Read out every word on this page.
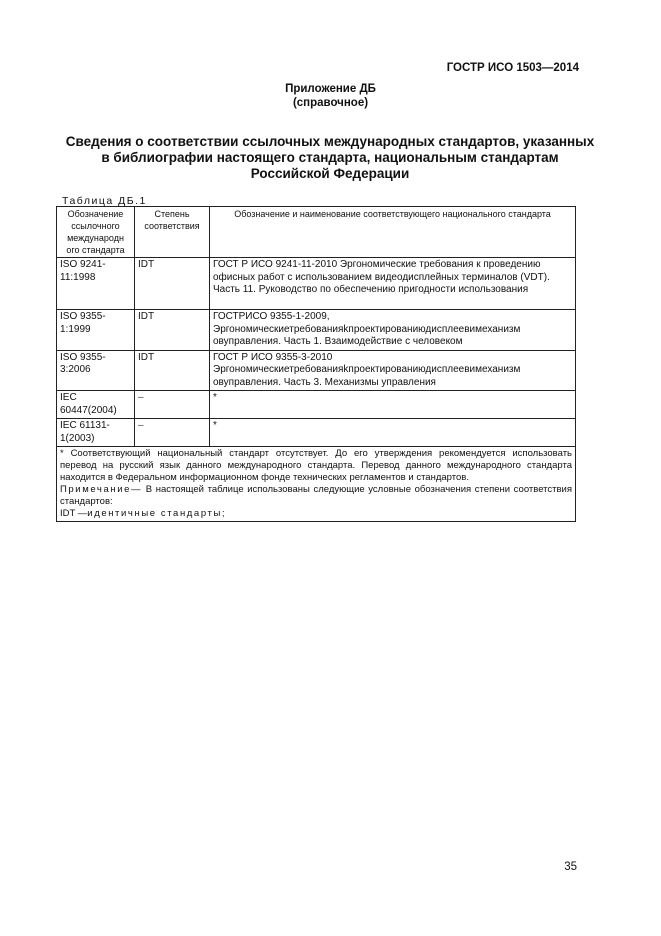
ГОСТР ИСО 1503—2014
Приложение ДБ
(справочное)
Сведения о соответствии ссылочных международных стандартов, указанных
в библиографии настоящего стандарта, национальным стандартам
Российской Федерации
Таблица ДБ.1
Обозначение ссылочного международн ого стандарта	Степень соответствия	Обозначение и наименование соответствующего национального стандарта
ISO 9241-11:1998	IDT	ГОСТ Р ИСО 9241-11-2010 Эргономические требования к проведению офисных работ с использованием видеодисплейных терминалов (VDT). Часть 11. Руководство по обеспечению пригодности использования
ISO 9355-1:1999	IDT	ГОСТРИСО 9355-1-2009, Эргономическиетребованияkпроектированиюдисплеевимеханизм овуправления. Часть 1. Взаимодействие с человеком
ISO 9355-3:2006	IDT	ГОСТ Р ИСО 9355-3-2010 Эргономическиетребованияkпроектированиюдисплеевимеханизм овуправления. Часть 3. Механизмы управления
IEC 60447(2004)	–	*
IEC 61131-1(2003)	–	*

* Соответствующий национальный стандарт отсутствует. До его утверждения рекомендуется использовать перевод на русский язык данного международного стандарта. Перевод данного международного стандарта находится в Федеральном информационном фонде технических регламентов и стандартов.
Примечание— В настоящей таблице использованы следующие условные обозначения степени соответствия стандартов:
IDT —идентичные стандарты;		
35
